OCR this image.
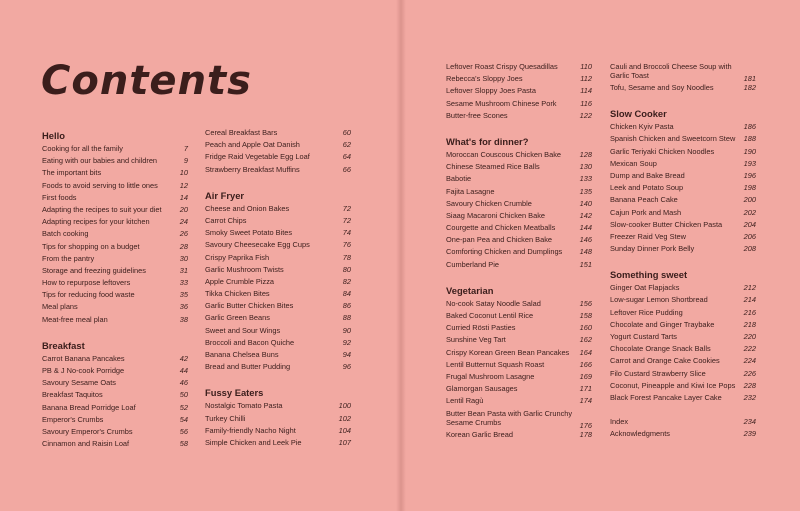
Contents
Hello
Cooking for all the family	7
Eating with our babies and children	9
The important bits	10
Foods to avoid serving to little ones	12
First foods	14
Adapting the recipes to suit your diet	20
Adapting recipes for your kitchen	24
Batch cooking	26
Tips for shopping on a budget	28
From the pantry	30
Storage and freezing guidelines	31
How to repurpose leftovers	33
Tips for reducing food waste	35
Meal plans	36
Meat-free meal plan	38
Breakfast
Carrot Banana Pancakes	42
PB & J No-cook Porridge	44
Savoury Sesame Oats	46
Breakfast Taquitos	50
Banana Bread Porridge Loaf	52
Emperor's Crumbs	54
Savoury Emperor's Crumbs	56
Cinnamon and Raisin Loaf	58
Cereal Breakfast Bars	60
Peach and Apple Oat Danish	62
Fridge Raid Vegetable Egg Loaf	64
Strawberry Breakfast Muffins	66
Air Fryer
Cheese and Onion Bakes	72
Carrot Chips	72
Smoky Sweet Potato Bites	74
Savoury Cheesecake Egg Cups	76
Crispy Paprika Fish	78
Garlic Mushroom Twists	80
Apple Crumble Pizza	82
Tikka Chicken Bites	84
Garlic Butter Chicken Bites	86
Garlic Green Beans	88
Sweet and Sour Wings	90
Broccoli and Bacon Quiche	92
Banana Chelsea Buns	94
Bread and Butter Pudding	96
Fussy Eaters
Nostalgic Tomato Pasta	100
Turkey Chilli	102
Family-friendly Nacho Night	104
Simple Chicken and Leek Pie	107
Leftover Roast Crispy Quesadillas	110
Rebecca's Sloppy Joes	112
Leftover Sloppy Joes Pasta	114
Sesame Mushroom Chinese Pork	116
Butter-free Scones	122
What's for dinner?
Moroccan Couscous Chicken Bake	128
Chinese Steamed Rice Balls	130
Babotie	133
Fajita Lasagne	135
Savoury Chicken Crumble	140
Siaag Macaroni Chicken Bake	142
Courgette and Chicken Meatballs	144
One-pan Pea and Chicken Bake	146
Comforting Chicken and Dumplings	148
Cumberland Pie	151
Vegetarian
No-cook Satay Noodle Salad	156
Baked Coconut Lentil Rice	158
Curried Rösti Pasties	160
Sunshine Veg Tart	162
Crispy Korean Green Bean Pancakes	164
Lentil Butternut Squash Roast	166
Frugal Mushroom Lasagne	169
Glamorgan Sausages	171
Lentil Ragù	174
Butter Bean Pasta with Garlic Crunchy
Sesame Crumbs	176
Korean Garlic Bread	178
Cauli and Broccoli Cheese Soup with
Garlic Toast	181
Tofu, Sesame and Soy Noodles	182
Slow Cooker
Chicken Kyiv Pasta	186
Spanish Chicken and Sweetcorn Stew	188
Garlic Teriyaki Chicken Noodles	190
Mexican Soup	193
Dump and Bake Bread	196
Leek and Potato Soup	198
Banana Peach Cake	200
Cajun Pork and Mash	202
Slow-cooker Butter Chicken Pasta	204
Freezer Raid Veg Stew	206
Sunday Dinner Pork Belly	208
Something sweet
Ginger Oat Flapjacks	212
Low-sugar Lemon Shortbread	214
Leftover Rice Pudding	216
Chocolate and Ginger Traybake	218
Yogurt Custard Tarts	220
Chocolate Orange Snack Balls	222
Carrot and Orange Cake Cookies	224
Filo Custard Strawberry Slice	226
Coconut, Pineapple and Kiwi Ice Pops	228
Black Forest Pancake Layer Cake	232
Index	234
Acknowledgments	239
